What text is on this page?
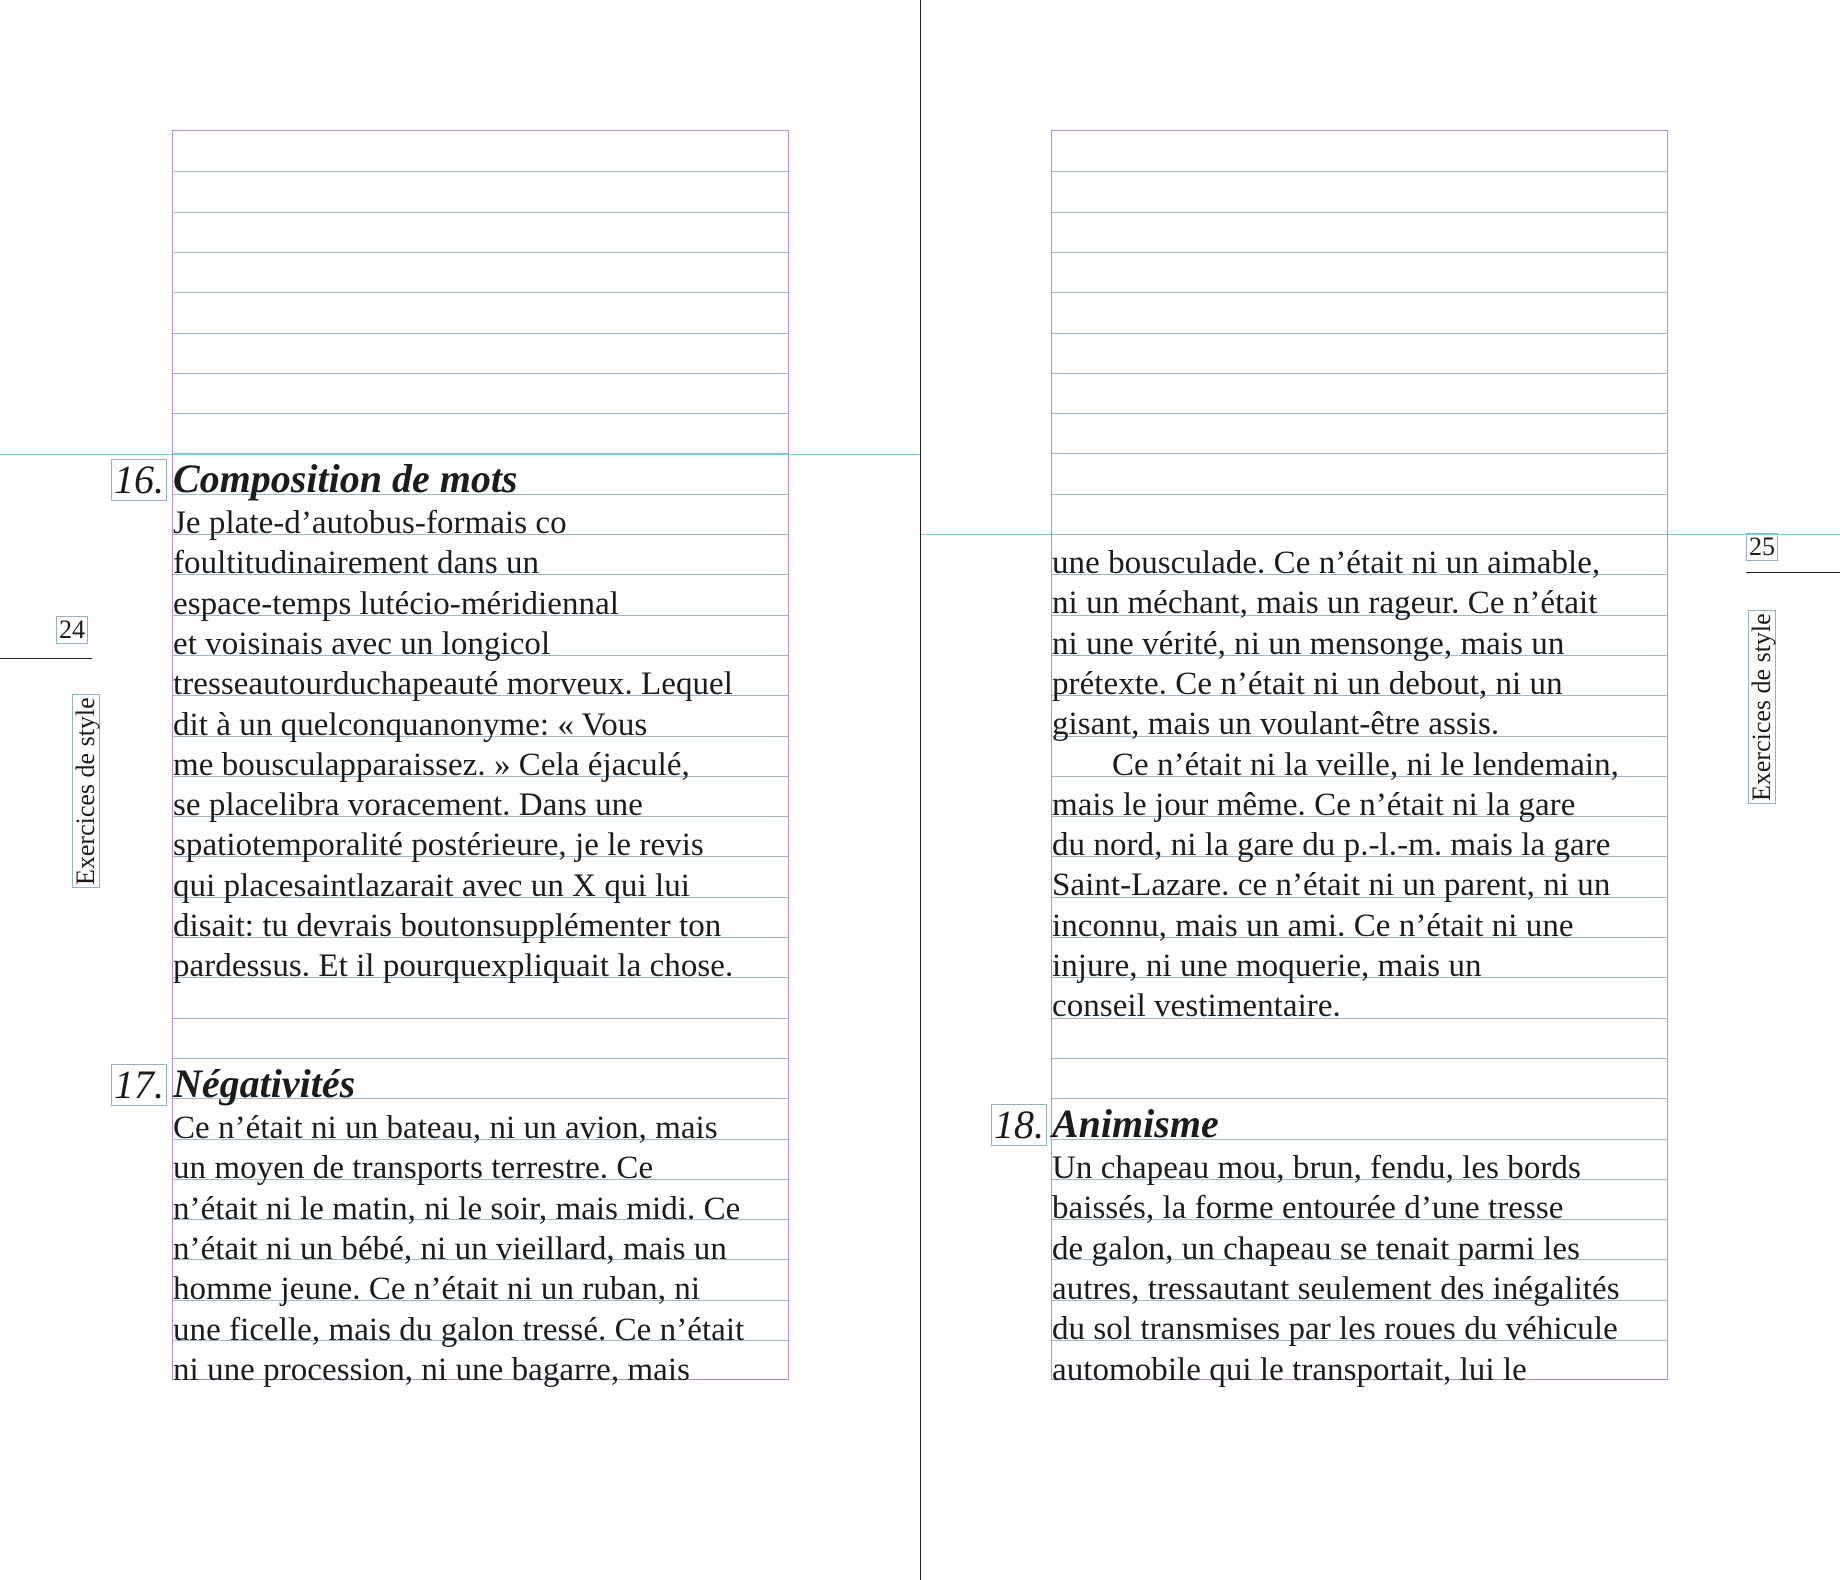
24
Exercices de style
16. Composition de mots
Je plate-d’autobus-formais co
foultitudinairement dans un
espace-temps lutécio-méridiennal
et voisinais avec un longicol
tresseautourduchapeauté morveux. Lequel
dit à un quelconquanonyme: « Vous
me bousculapparaissez. » Cela éjaculé,
se placelibra voracement. Dans une
spatiotemporalité postérieure, je le revis
qui placesaintlazarait avec un X qui lui
disait: tu devrais boutonsupplémenter ton
pardessus. Et il pourquexpliquait la chose.
17. Négativités
Ce n’était ni un bateau, ni un avion, mais
un moyen de transports terrestre. Ce
n’était ni le matin, ni le soir, mais midi. Ce
n’était ni un bébé, ni un vieillard, mais un
homme jeune. Ce n’était ni un ruban, ni
une ficelle, mais du galon tressé. Ce n’était
ni une procession, ni une bagarre, mais
25
Exercices de style
une bousculade. Ce n’était ni un aimable,
ni un méchant, mais un rageur. Ce n’était
ni une vérité, ni un mensonge, mais un
prétexte. Ce n’était ni un debout, ni un
gisant, mais un voulant-être assis.
Ce n’était ni la veille, ni le lendemain,
mais le jour même. Ce n’était ni la gare
du nord, ni la gare du p.-l.-m. mais la gare
Saint-Lazare. ce n’était ni un parent, ni un
inconnu, mais un ami. Ce n’était ni une
injure, ni une moquerie, mais un
conseil vestimentaire.
18. Animisme
Un chapeau mou, brun, fendu, les bords
baissés, la forme entourée d’une tresse
de galon, un chapeau se tenait parmi les
autres, tressautant seulement des inégalités
du sol transmises par les roues du véhicule
automobile qui le transportait, lui le
